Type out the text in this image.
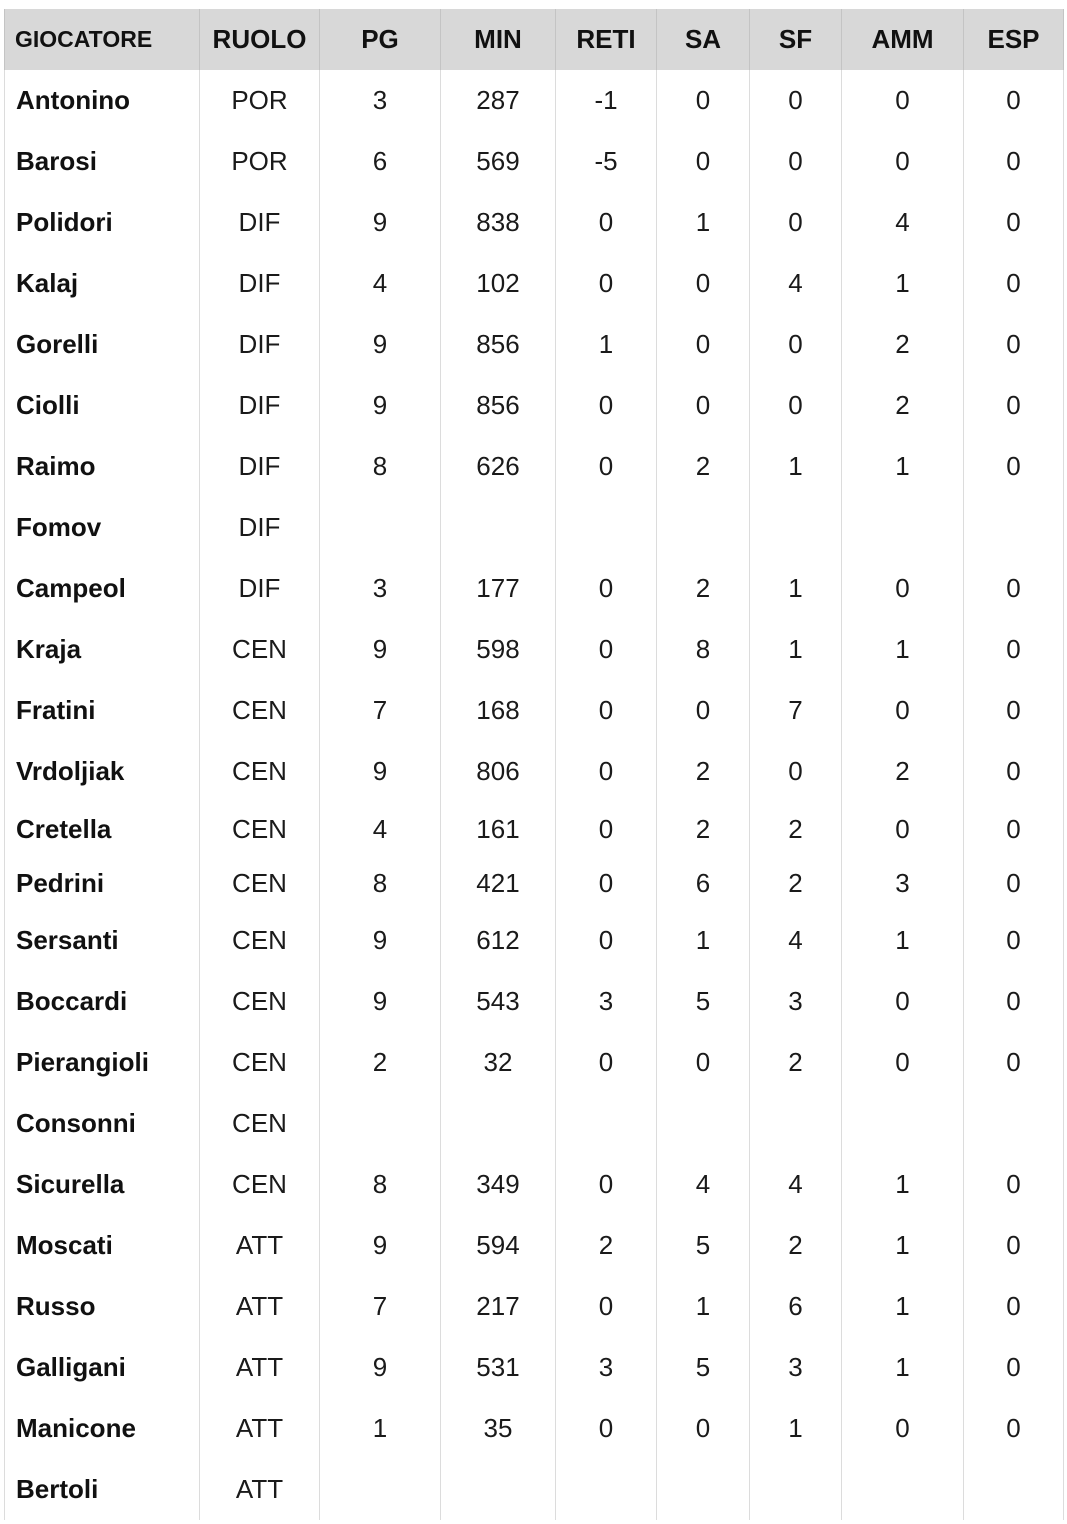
GIOCATORE	RUOLO	PG	MIN	RETI	SA	SF	AMM	ESP
Antonino	POR	3	287	-1	0	0	0	0
Barosi	POR	6	569	-5	0	0	0	0
Polidori	DIF	9	838	0	1	0	4	0
Kalaj	DIF	4	102	0	0	4	1	0
Gorelli	DIF	9	856	1	0	0	2	0
Ciolli	DIF	9	856	0	0	0	2	0
Raimo	DIF	8	626	0	2	1	1	0
Fomov	DIF							
Campeol	DIF	3	177	0	2	1	0	0
Kraja	CEN	9	598	0	8	1	1	0
Fratini	CEN	7	168	0	0	7	0	0
Vrdoljiak	CEN	9	806	0	2	0	2	0
Cretella	CEN	4	161	0	2	2	0	0
Pedrini	CEN	8	421	0	6	2	3	0
Sersanti	CEN	9	612	0	1	4	1	0
Boccardi	CEN	9	543	3	5	3	0	0
Pierangioli	CEN	2	32	0	0	2	0	0
Consonni	CEN							
Sicurella	CEN	8	349	0	4	4	1	0
Moscati	ATT	9	594	2	5	2	1	0
Russo	ATT	7	217	0	1	6	1	0
Galligani	ATT	9	531	3	5	3	1	0
Manicone	ATT	1	35	0	0	1	0	0
Bertoli	ATT							
